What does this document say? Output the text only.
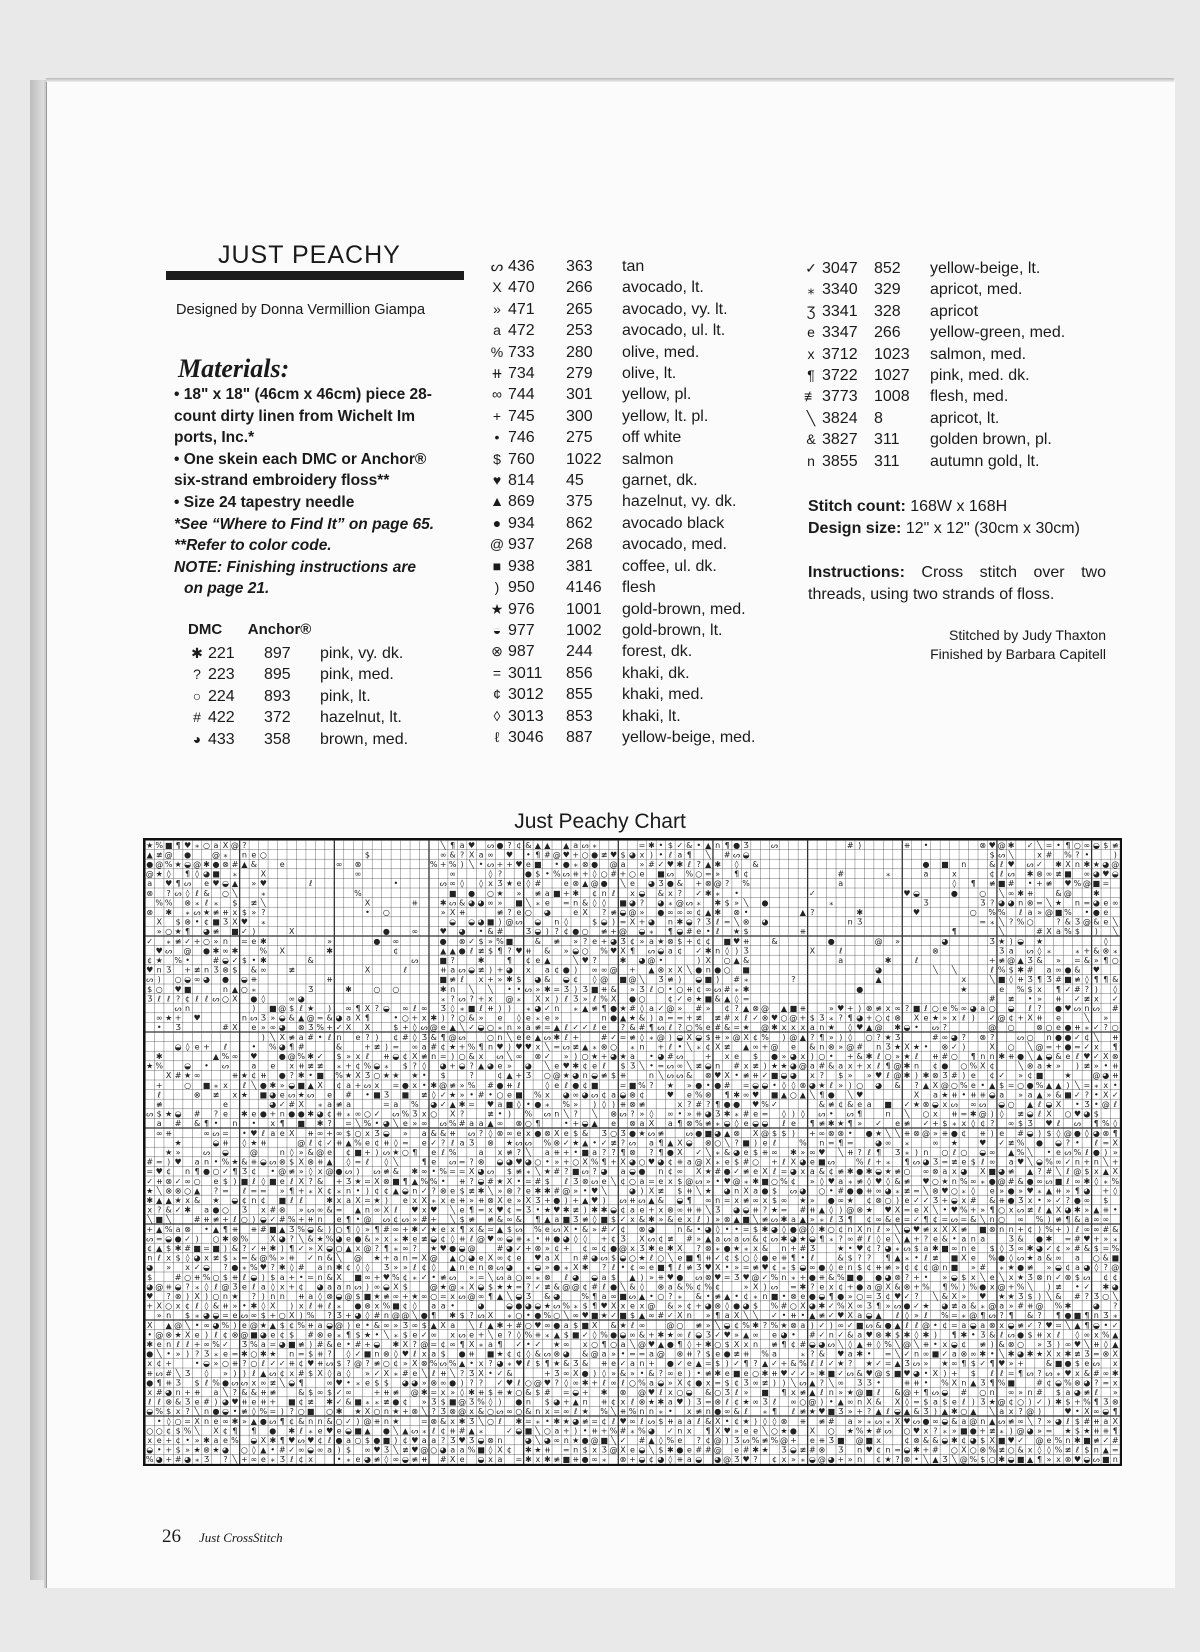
JUST PEACHY
Designed by Donna Vermillion Giampa
Materials:
• 18" x 18" (46cm x 46cm) piece 28-
count dirty linen from Wichelt Im
ports, Inc.*
• One skein each DMC or Anchor®
six-strand embroidery floss**
• Size 24 tapestry needle
*See “Where to Find It” on page 65.
**Refer to color code.
NOTE: Finishing instructions are
on page 21.
DMC Anchor®
✱ 221	897	pink, vy. dk.
? 223	895	pink, med.
○ 224	893	pink, lt.
# 422	372	hazelnut, lt.
◕ 433	358	brown, med.
ᔕ 436	363	tan
X 470	266	avocado, lt.
» 471	265	avocado, vy. lt.
a 472	253	avocado, ul. lt.
% 733	280	olive, med.
⧺ 734	279	olive, lt.
∞ 744	301	yellow, pl.
+ 745	300	yellow, lt. pl.
• 746	275	off white
$ 760	1022	salmon
♥ 814	45	garnet, dk.
▲ 869	375	hazelnut, vy. dk.
● 934	862	avocado black
@ 937	268	avocado, med.
■ 938	381	coffee, ul. dk.
) 950	4146	flesh
★ 976	1001	gold-brown, med.
◒ 977	1002	gold-brown, lt.
⊗ 987	244	forest, dk.
= 3011	856	khaki, dk.
¢ 3012	855	khaki, med.
◊ 3013	853	khaki, lt.
ℓ 3046	887	yellow-beige, med.
✓ 3047	852	yellow-beige, lt.
⁎ 3340	329	apricot, med.
Ʒ 3341	328	apricot
e 3347	266	yellow-green, med.
x 3712	1023	salmon, med.
¶ 3722	1027	pink, med. dk.
≢ 3773	1008	flesh, med.
╲ 3824	8	apricot, lt.
& 3827	311	golden brown, pl.
n 3855	311	autumn gold, lt.
Stitch count: 168W x 168H
Design size: 12" x 12" (30cm x 30cm)
Instructions: Cross stitch over two threads, using two strands of floss.
Stitched by Judy Thaxton
Finished by Barbara Capitell
Just Peachy Chart
★ % ■ ¶ ♥ ⁎ ○ a X @ ?	╲ ¶ a ♥ ᔕ ● ? ¢ & ▲ ▲ ▲ a ᔕ ⁎	= ✱ • $ ✓ & • ▲ n ¶ ● Ʒ	ᔕ	# )	⧺ •	⊗ ♥ @ ✱ ✓ ╲ = • ¶ ○ ∞ ◒ $ ≢
▲ ≢ @ ●	@ ⁎ n e ○	$	∞ & ? X a ∞ ♥ • ¶ # @ ♥ + ○ ● ≢ ♥ $ ◕ x ) • ℓ a ¶ ╲ # ᔕ ◒	$ ᔕ ╲	x # % ? •	)
● @ % ★ ◒ @ ✱ ● ⊗ # ▲ &	e	∞ ⊗	% + % ) ╲ • ᔕ + + ♥ e ■ • ● ⁎ ⊗ ● @ a » # ✓ ♥ ✱ ℓ ? ▲ ✱ ◊ &	● ■ n	& ℓ ♥ ᔕ ✓ ✱ X n ✱ ★ ◕ @
@ ★ ◊ ¶ ◊ ◕ ■ ⁎	X	∞	∞	◊ ?	● $ • % ᔕ ⧺ + ◊ ○ # + ○ e ■ ᔕ % ○ = » ¶ ¢	#	⁎	a	x	¢ ℓ ᔕ ✱ ⊗ ∞ ≢ ■ ∞ ◕ ♥ ◒
a ♥ ¶ ᔕ e ♥ ◒ ▲ » ♥	ℓ	•	ᔕ ∞ ◊ ◊ x Ʒ ★ e ◊ #	e ⊗ ▲ @ ● ╲ e ◕ Ʒ ● & + ⊗ @ ? %	a	◊ ¶ ≢ ■ # • + ≢ ♥ % @ ■ =
⊗ ? ᔕ ◊ ℓ & ○ ╲	⁎	%	■ ● ○ ★ » ≢ a ■ + ✱ ¢ n ℓ x ◒ & x ? ✓ ✱ ⁎ •	✓	♥ ◒	●	○ ╲ ∞ ✱ ⧺	& @	✱
% % ⊗ ⁎ ℓ ⁎ $ ≢ ╲	X	⧺	✱ ᔕ & ◕ ◕ ∞ » ■ ╲ ⁎ e = n & ◊ ◊ ■ ◕ ? ◕ ⁎ @ ᔕ ⁎ ✱ $ » ╲ ●	⁎	Ʒ	Ʒ ? ◕ ◕ n ⊗ = ╲ ★ n = ◕ e ∞
⊗ ✱ ⁎ ᔕ ★ ≢ ⧺ x $ » ?	• ○	» X ⧺	≢ ? e ○ ◕	e X ? ≢ ◒ @ » ● ∞ ∞ ∞ ¢ ▲ ✱ ⊗ •	▲ ?	✱	♥	○ % % ℓ a » @ ■ % • ● e
X $ ⊗ • ¢ ■ Ʒ X ♥ ⁎	◒ ◒ ◕ ■ ) @ ᔕ ◒ n ◊	$ ◒ ) = X + ◕ n ✱ ◒ ? Ʒ ℓ = ╲ ⊗ ◕	n Ʒ	= ⁎ ╲ ? % ○	? & Ʒ @ & e ╲
» ○ ★ ¶ ◕ ≢ ■ ✓ )	X	●	∞	♥ ◕ • & #	Ʒ ◒ ) ? ¢ ● ○ ≢ + @ ◒ ⁎ ¶ ◒ # e • ℓ ★ $	⧺	¶	╲	# X a % $ ) ╲
✓ ⁎ ≢ ✓ + ○ » n = e ✱	»	● ∞	● ⊗ ✓ $ » % ■	& ≢ » ? e + ◕ Ʒ ¢ » a ★ ⊗ $ + ¢ ¢ ■ ♥ ⧺	&	●	@ »	◕	Ʒ ★ ) ◒ ★	◊
♥ ᔕ @ ● ✱ ∞ ✱	% X	✱	¢	▲ ▲ ● ℓ ≢ $ ¶ ? ♥ ⧺ & » ◒ ○ % ♥ X ¶ ᔕ ◒ a ¢ ✓ ✱ n ◊ ) Ʒ	X	ℓ	⊗	Ʒ a ᔕ ◊ ⁎	⁎ + & ⊗ ⁎
¢ ★ % •	# ◒ ✓ $ • ✱	&	ᔕ	■ ?	✱	¶ ¢ e ▲	╲ ♥ ?	✱ ◕ @ •	) X ○ ▲ &	a	✱	ℓ	+ ≢ @ ▲ Ʒ & » = & » ¶ ○
♥ n Ʒ + ≢ n Ʒ ⊗ $ & ∞	≢	X	ℓ	⧺ a ᔕ ◒ ≢ ) + ◕ x a ¢ ● ) ∞ ∞ @ + ▲ ⊗ x X ╲ ● n ● ○ ■	◕	╲ ╲	ℓ % $ ✱ # a ∞ ● & ♥
ᔕ ) ○ ◒ ∞ ◕ ● ◒ ⧺	⧺	■ ≢ ℓ x + » ✱ $ ◕ & ◒ ¢ ◊ @ ■ @ ╲ Ʒ ≢ ) ◒ ■ ) # ⁎	?	▲	x	╲ ■ ◊ ⧺ Ʒ ¶ Ʒ # ■ ≢ ◊ ¶ ¶ &
$ ○ ♥ ■	n ▲ ○ ⁎	Ʒ	✱	○ ○	✱ n ╲ ╲ • • ᔕ » ✱ = Ʒ ) Ʒ ■ ⧺ & » Ʒ ℓ ○ • ○ ⧺ ¢ ∞ ᔕ # ⁎ ✱	●	★	e % $ x ¶ ✓ # ? ) ◊
Ʒ ℓ ℓ ? ¢ ℓ ℓ ᔕ ○ X ● ◊	∞ ◕	⁎ ? ᔕ ? + x @ ⁎ X x ) ℓ Ʒ » ℓ % X ● ○	¢ ✓ e ★ ■ & ▲ ◊ =	# ≢ • » ⧺ ✓ ≢ x ✓
ᔕ n	) ■ @ $ ℓ ★ ) ∞ ¶ X ? ◒ ∞ ℓ ∞ Ʒ ◊ ⁎ ■ ℓ ⧺ ) ) ⁎ ◕ ✓ n ⁎ ▲ ≢ ¶ ● ★ # ◊ a ✓ @ » # » ¢ ? ▲ ⊗ @ ▲ ■ ⧺	» ♥ + ) ⊗ ≢ x ∞ ? ■ ℓ ○ e % ∞ ◕ a ○ ◒ ℓ ? ● ♥ ᔕ n ᔕ #
∞ ★ + ♥	n ᔕ Ʒ » ◒ & ▲ @ = & ◕ a X ¶	• ○ + x ✱ ) ? ○ & » e ◊ e ⁎ e »	n ● ▲ ★ & ) a = = + ≢ ≢ # x ℓ ✓ ⊗ ♥ ○ @ + $ Ʒ ⁎ ? ¶ ◕ + ○ ¢ ⊗ X e ★ » x ℓ ) ✓ @ ¢ + X ⧺ e	╲ »
• Ʒ	# X e » ∞ ◕ ⊗ Ʒ % + ✓ X X	$ + ◊ ᔕ @ e ▲ ╲ ✓ ◒ ○ ⁎ n » a ≢ = ▲ ℓ ✓ ✓ ℓ e ? & # ¶ ᔕ ℓ ? ○ % e # & = ★ @ ✱ x x x a n ★ ◊ ♥ ▲ @ ✱ ◒ • ᔕ ?	@ ○	⊗ ○ e ● ⧺ ⁎ ✓ ? ○
) ╲ X ≢ a # • ℓ n e ? ) ¢ # ◊ Ʒ & ¶ @ ᔕ	○ n ╲ e e ▲ ᔕ ✱ ℓ +	# ✓ = ≢ ◊ ⁎ @ ) ◒ X ◒ $ ⧺ » @ X ¢ % ) @ ▲ ? ¶ » ) ◊ ○ ? ★ Ʒ	# ∞ ◕ ? ⊗ ?	ᔕ ○ n ● ● ✓ ¢ ╲ ⧺
◒ ◊ e + ℓ	• % ◕ ¶ #	&	+ ≢ ) = ∞ a # ¢ ★ + % ¶ n ♥ ) ♥ ♥ x ╲ = ᔕ ≢ ▲ ⁎ ⊗ ○ ⁎ n + ℓ • ╲ ⁎ ¢ X ≢ ▲ ∞ + @ e & n ⊗ » @ # n Ʒ ★ X ★ • ⊗ ✓ )	X ○ ╲ @ = + ● = ✓ x ¶
✱	▲ % ∞ ♥	● @ % ✱ ✓ $ » x ℓ ⧺ ◒ ¢ X ≢ n = ) ○ & x ᔕ ╲ ∞ ⊗ ✓ » ) ○ ★ + ◕ ★ a • ◕ # ᔕ	+ x e $ ● » ◕ x ) ○ • + & ✱ ℓ ○ » ★ ℓ ⧺ # ○ ¶ n n ✱ ⧺ ● ╲ ▲ ◒ & e ℓ ♥ ✓ X ⊗
★ %	◒ • ᔕ	a e x ⧺ ≢ ≢ ⁎ + ¢ % ◒ ⁎ $ ? ◊ ◕ + ◒ ? ▲ ◕ e » ◕ ╲ e ♥ ✱ ¢ e ℓ $ Ʒ ╲ • = ᔕ ∞ ╲ ≢ ◒ n # x ≢ ) ★ ★ ◕ @ a # & a x + x ℓ ¶ @ ✱ n ¢ ● ○ % X ¢	╲ ⊗ a ★ » ) ≢ » • ⧺
X # ★ ∞	⧺ ★ ¢ ⧺ ● ? ✱ • ■ % ★ X Ʒ ○ ★ ★ ★ • $	?	¢ ▲ + Ʒ ○ @ ★ ◕ n ◒ ≢ $ ⧺	n ╲ ᔕ ᔕ & ⊗ ♥ X • ≢ ⧺ ✓ ■ ◒ ◕ x ? $ » » ♥ ℓ @ ✱ ) ✱ ⊗ Ʒ # ) e ¢ ✓ » ¢ ■	★	@ ◕ ⧺
+	○ ■ ⁎ x ℓ ╲ ● ✱ » ◒ ■ ▲ X ¢ a + ᔕ x = ● x • ✱ @ ≢ » % # ● ⧺ ℓ	◊ e ℓ ● ¢ ■	= ■ % ? ★ » ● • ● # = ◒ ◒ • ◊ ◊ ⊗ ◕ ★ ℓ » ) ○ ◕ & ? ▲ X @ ○ % e • ▲ $ = ○ ● % ▲ ▲ ) ╲ = ⁎ x •
ℓ	⊗ ≢ x ★ ■ ◕ e ᔕ ★ ᔕ e # • ■ Ʒ ■ ≢ ◊ ✓ ★ » • # • ○ e ■ % x ◕ ∞ ◕ ᔕ ¢ a ◒ ⊗ ¢	♥ e % ⊗ ¶ ✱ ∞ ♥ ■ ▲ ○ ▲ ╲ ¶ ● ╲ ♥	X a ★ ⧺ • ⧺ ⧺ ◒ a » a ▲ » & ■ ✓ ? • X ✓
≢	e	◕ ✓ # X ⁎ a ≢ a	= a % ◕ ✓ ▲ ✱ = ♥ a ■ ◊ • ● ⁎ % » ) ◊ ) ⧺ ⊗ ≢	x ? # ? ¶ ● ● ♥ % ✓	& ≢ ¢ & e a ■ ✓ ★ ⊗ ◒ x ᔕ ∞ ᔕ ◒ ○ ▲ ℓ ◒ X • Ʒ • @ ℓ
ᔕ $ ★ ◒ # ? e ✱ e ● + n ● ● ✱ ◕ ¢ ⧺ ⁎ ∞ ○ ✓ ᔕ % Ʒ x ○ X ?	≢ • ) % ᔕ n ╲ ? ╲ ⊗ ᔕ ? » ◊ ∞ • » ⧺ ◕ Ʒ ✱ ⁎ # e = ◊ ) ◊ ᔕ • ᔕ ¶	n ╲ ○ x ⧺ = ✱ @ ) ◊ ≢ ◒ ℓ X ○ ♥ ◕ $
a # & ¶ • n • x ¶ ■ ✱ ? = ╲ % • ◕ ╲ e » ∞ ᔕ % # a a ▲ ∞ ⊗ ○ ¶	• + ◒ ▲ e ⊗ a X a ¶ ⊗ % ≢ ⁎ ◒ ◊ e ◒ ◒ ℓ e ¶ ≢ ✱ ★ ¶ » ✓ e ≢ ✓ + $ ⁎ x ◊ ¢ ? ∞ $ Ʒ ♥ ℓ ᔕ ¶ % ◊
∞ ⧺	∞ ᔕ = • ♥ ℓ a e X ⧺ ∞ + ∞ $ ○ x Ʒ ◒ » a & & ⧺ ᔕ ? ◊ ⊗ ∞ e x ● ⊗ X e $ & Ʒ ○ Ʒ ● ★ ᔕ ≢	ᔕ ● ■ ◕ ▲ ⊗ X @ $ $ ) + ∞ ⊗ ⊗ • ● ★ ╲ ╲ ⧺ ⊗ @ » ⧺ ● ¢ ⧺ ) e # ◒ ) $ ◊ @ ● ◊ ◕ ⊗ ¶
★	◒ ⧺ ◊ ★ ⧺	@ ℓ ¢ ✓ ⧺ ▲ % e ¢ ⧺ ◊ = e ✓ ? ℓ a Ʒ ⊗ ★ ᔕ ᔕ % ⊗ ✓ ★ ▲ • ✓ ≢ ? ᔕ a ¶ ▲ X ◒ ⊗ ○ ╲ ? ■ ) e ℓ	% n = ¶ =	◕ ∞ ⁎	∞ ★	♥ ✓ ≢ % ● ◒ ? • ℓ = X
★ »	ᔕ ◒	@	n ◊ » & @ e ¢ ■ + ) ᔕ ★ ○ ¶ e ℓ %	a x ≢ ? ╲ a ⧺ + • ■ a ? ? ¶ ⊗ ? ¶ ● X ✓ ╲ ⁎ & ◕ e $ ⧺ ∞ ✱ » ∞ ♥ ╲ ⧺ ? ℓ ¶ Ʒ ⁎ ) n ○ ℓ ○ ◒ ∞ ▲ % ╲ • e ᔕ % ℓ ● ) »
# = ) ♥ a n • % ★ & ⧺ ◒ ᔕ ⊗ $ X ⊗ ⧺ ▲ ◊ = ℓ ◊ ╲	¶ e ᔕ = ? ⊗ ◒ ◕ ♥ ◕ ○ • » + ○ X % ¶ + X ◕ ○ ♥ ◕ ¢ ⧺ a @ X ⁎ e $ # ○ + ℓ X ◕ e ■ ᔕ	% ℓ + ⁎ ¶ ᔕ ◕ Ʒ = ≢ e $ ℓ ∞ a ♥ ╲ ◒ % ∞ ✓ n + n ╲ +
= ♥ ¢ n ¶ ● ○ ✓ ¶ Ʒ ¢ • @ ≢ » ◊ x @ ● ᔕ ) ᔕ ≢ & ✱ ∞ • % = = X ◕ ᔕ $ ≢ ⁎ ╲ ★ # ? ■ ᔕ ? ◕ a ◒ ● n ¢ ∞ X ★ # ● ✓ ≢ e X ℓ = ◕ x a & ¢ ≢ ✱ ● ✱ ◒ ★ ≢ ○ ∞ ⊗ a x ◕ X ■ ◕ ≢ ▲ ? # ╲ ℓ @ $ x ▲ X
✓ ⧺ ⊗ ✓ ∞ ○ e $ ) ■ ℓ ◊ ■ e ℓ X ? & + Ʒ ★ = X ⊗ ■ ¶ ▲ % % • ⧺ ? ◒ # ★ X • = # $ ℓ Ʒ ⊗ ᔕ e ╲ ¢ ○ a = e x $ @ ᔕ » • ♥ @ ⁎ ✱ ■ ○ % ¢ » ◊ ♥ a ⁎ ≢ ◊ ♥ ◊ & ≢ ♥ ○ ★ n % ∞ ⁎ ● @ # & ● ∞ ᔕ ■ ℓ ∞ ✱ ◊ ⁎ %
★ ╲ ⊗ ⊗ ○ ▲ ? = ℓ = = » ¶ + ⁎ X ¢ ⁎ n • ) ¢ ¢ ▲ ◒ n ✓ ? ⊗ e $ ≢ ✱ ╲ » ⊗ ? e ✱ ✱ # @ » • ♥ ╲	◕ ) X ≢ $ ⧺ ╲ ★ ◕ n X a ● $ ᔕ ◕ ○ • # ● ● ⧺ ∞ ◕ ⁎ ≢ = ╲ ⊗ ♥ ○ ⁎ ◊ e » ● » ♥ ⁎ ▲ ⧺ » ¶ ◕ + ◊
✱ ▲ ▲ ★ x & ★ ◒ ¢ n ¢ ■ ℓ ℓ	✱ x a X = ★ ) e x X ⁎ x e ⧺ » ⧺ ⊗ X e » X Ʒ + ● ) + ▲ ♥ ) ᔕ ⧺ ᔕ ▲ & ◒ ¶ ∞ n = x ≢ ∞ x $ ∞ ★ » ● ∞ ★ ¢ ⊗ ○ ) e ✓ ✓ Ʒ + ◒ x # & ⧺ ● Ʒ x • » ✓ ? ● ∞ $
x ? & ✓ ✱ a ● ○ Ʒ x # ⊗ » ᔕ ∞ & = ▲ n ∞ X ℓ ♥ x ♥ ╲ e ¶ = x ♥ ¢ = Ʒ • ★ ♥ ✱ ≢ ) ✱ ✱ ◒ ¢ a e + x ⊗ ∞ ⧺ ⧺ ╲ Ʒ ◕ ◒ ⧺ ? ★ = # ⧺ ▲ ◊ ) @ ⊗ ★ ♥ X = e X ╲ • ♥ % + » ¶ ○ x ᔕ ≢ ℓ ▲ X ◕ ✱ » ▲ ⧺ •
╲ ■ ╲	# ⧺ ≢ + ℓ ○ ) ◒ ✓ # % + ⧺ n e ¶ • @ ᔕ ¢ ᔕ » # + ╲ $ ≢ ≢ & ∞ & ¶ ▲ a ■ Ʒ ≢ ◊ ■ $ ✓ x & ✱ » & e x ℓ ) » ⊗ ▲ ■ ╲ ≢ ᔕ ✱ a ▲ » ⁎ ℓ Ʒ ¶ ¢ ∞ & e = ✓ ¶ ¢ = ᔕ = & ╲ n ○ ∞ % ) ≢ ¶ & a ∞ ∞
+ ▲ % a ⊗ • ▲ ¶ ⧺ ⧺ # ■ ▲ Ʒ % ◒ & ) ○ ¶ ◊ » ¶ # ∞ + ✱ ✓ ★ e x ¶ x & = ▲ $ ᔕ % e ᔕ X • & » # ✓ ¢ ⊗ ◕	n & • ◕ ◊ • • = $ ✱ ◕ ◊ ● @ ◊ ✱ ○ ¢ n X n ℓ » ╲ ◒ ♥ ≢ x X X ≢ ■ ⊗ n n + ¢ ) % + ) ℓ ∞ ∞ # &
ᔕ = ◒ ● ✓ ) ○ ✱ ⊗ %	X ◕ ? ╲ & ★ % ◕ e ● & » x ⁎ ✱ e ≢ ◒ ¢ ◊ ⧺ ℓ @ ♥ ∞ ◒ ⧺ ⁎ • ⧺ ● ◕ ◊ ◊ + ¢ Ʒ X ᔕ ¢ ≢ # » ▲ a ᔕ a ᔕ & ¢ ᔕ ✱ ◕ ★ ◒ ¶ ⁎ ? ∞ # ℓ ◊ e ╲ ▲ + ? e & • a n a	Ʒ & ● ✱ = # ♥ + » ⁎
¢ ▲ $ ✱ # ■ = ■ ) & ? ✓ ⧺ ✱ ) ¶ ✓ » X ◒ ○ ▲ x @ ? ¶ ⁎ ∞ ? ★ ♥ ● ◒ @	# ◕ ✓ + ⊗ » ¢ + ¢ ∞ ¢ ● @ x Ʒ ✱ e ✱ X ? ⊗ ⁎ ● ★ ⁎ x & n + # Ʒ	★ • ♥ ¢ ? ◕ ⁎ ᔕ $ a ✱ ■ ∞ n e $ ◊ Ʒ ∞ ✱ ◕ ✓ ¢ » # & $ = %
n ℓ x $ ◊ ◕ x ≢ $ ⁎ = & @ % » ⧺ ✓ n & ╲ @ ★ + a n = X @ ▲ ○ ◕ e X ∞ ¢ e ♥ a X n # ◕ ᔕ $ ◒ ○ ★ ℓ ○ ╲ e ■ ¶ ⧺ ✓ ¢ $ ○ ◊ ● e ⧺ ¶ • ℓ	& $ ? ? ¶ ▲ ⁎ • ℓ ≢ ■ X e % ● ◊ ᔕ ★ a & ∞ a ○ & ■
◕ » x ✓ ◒ ? ● ⁎ % ♥ ? ✱ ◊ # a n ✱ ¢ ◊ ◊ Ʒ » » ℓ ¢ ◊ ▲ n e n ⊗ ᔕ ◕ ⁎ ◒ » ● ⁎ X ✱ ? ℓ • ¢ ∞ e ■ ¶ ℓ ≢ Ʒ ♥ X • » = ≢ ♥ ¢ ⁎ $ ◒ ∞ ● ◊ e n $ ¢ ⧺ ≢ » ¢ ¢ ¢ @ n ■ » # ⁎ ★ ● ≢ » ◒ ¢ a ◕ ◊ ? @
$	# ○ ⧺ % ○ $ ⧺ ℓ ◒ ) $ a + • = n & X ■ ∞ + ♥ % ¢ ⁎ ✓ • ≢ ᔕ » = ╲ ᔕ a ○ ∞ ⁎ ⊗ ℓ ◕ ◒ a $ ▲ ) » ⧺ ♥ ● ᔕ ⊗ ♥ = Ʒ ♥ @ ✓ % n ⁎ + ● ⧺ & % ■ ● ● ◕ ⊗ ? + • » ◒ $ x ╲ e ╲ x ★ Ʒ ⊗ n ✓ ⊗ $ ᔕ ¢ ¢
◕ @ ⧺ ◒ ? ⁎ ◊ ℓ @ Ʒ e ℓ a ◊ x + ¢ ◕ a a n ᔕ ) ∞ ◒ X $	@ ★ @ ⁎ X ◒ $ ★ ★ = ? ✓ ≢ & @ @ ¢ # ℓ ● ╲ & ◊ ⊗ a & % ¢ % ¢	» X ) ᔕ = ✱ ? e x ¢ + ● a @ X & ⊗ + % ¶ % ) % ● x @ + % ╲ ) ≢ • ✓ ✱ ◕
♥ ? ⊗ ) X ) ○ n ★ ? ) n n ⧺ a ◊ ⊗ ◒ @ $ ■ ★ ≢ ∞ + ★ ∞ ○ = x ᔕ @ ∞ ¶ ▲ ╲ ◒ Ʒ & ◕	% ¶ a ∞ ■ ᔕ ▲ • ○ ? ⁎ & • ≢ ▲ • ¢ ⁎ n ■ • ⊗ e ● ◒ ¶ ● » ○ = Ʒ ¢ ♥ ✓ ? ╲ & X » ♥ ★ ★ Ʒ $ ) ╲ & # ? Ʒ ○ ╲
+ X ○ x ¢ ℓ ◊ & ⧺ » • ✱ ◊ X ) x ℓ ⧺ ℓ ⁎ ● ⊗ x % ■ ¢ ◊ a a •	◕	◒ ● ◕ ◒ ★ ᔕ % ⁎ $ ¶ ♥ X x e x @ & » ¢ + ◕ ⊗ ◊ ● ◕ $ % # ○ X ◕ ✱ ✓ % X ∞ Ʒ ¶ » ᔕ ● ✓ ★ ◕ ≢ a & ⁎ @ a » # ⧺ @ % ✱	◕ ?
» n $ ⁎ ◕ ◒ = e ᔕ ∞ $ + ○ X ) % ? Ʒ + ◕ ◊ # n @ @ ╲ ● ¶ ✱ $ ? ᔕ X ⁎ ○ • ● % ○ ╲ ∞ ♥ ■ ★ ✓ ■ $ ▲ ∞ # ✓ X n » ¶ a X ╲ ╲ ✓ • ⧺ • ▲ ≢ ✓ ♥ X a ◒ ▲ ℓ ◊ » ℓ % = ⁎ @ ¶ ᔕ ? ¶ & ? ¶ ● ■ ¶ n Ʒ ⁎
X ▲ @ ╲ • ∞ ◕ % ) e @ ★ ▲ $ ¢ % ⧺ a ◒ @ ) e • & ∞ » Ʒ ∞ $ ▲ X a ╲ ℓ ▲ ✱ + # ○ ♥ ∞ ● a $ ■ X & ★ ℓ ∞	@ ○ ≢ » ╲ ◒ ¢ % ✱ ? % ★ ⊗ a ) ✓ ) ∞ ✓ ■ ᔕ & ● ▲ ℓ ℓ @ • ¢ = a ◒ a ⊗ x ◒ ≢ ✓ ? ♥ = ╲ ▲ ¶ ◒ • ✓
• @ ⊗ ★ X e ) ℓ ¢ ⊗ @ ■ ◕ e ¢ $ # ⊗ e ⁎ ¶ $ ★ • ╲ ⁎ $ e ✓ ∞ x ᔕ e + ╲ e ? ◊ % ⧺ ⁎ ▲ $ ■ ✓ ◊ % ● ◒ ∞ & + ✱ ★ ∞ ℓ ◒ Ʒ ✓ ♥ » ▲ ∞ e ◕ • # ✓ n ✓ & a ♥ ⊗ ✱ $ ✱ ◊ ✱ ) ¶ ✱ • Ʒ & ℓ ᔕ ● $ ⧺ x ℓ ◊ ∞ x % ▲
✱ e n ℓ ℓ + ∞ % ✓ Ʒ % a = ◕ ■ ≢ ) # & e • # + ◒ ✱ X ? @ = ¢ ∞ ¶ X ⁎ a ¶ ✓ • ✓ ★ ∞ x ○ ¶ ○ a ╲ @ ♥ ▲ ● ¶ ◊ + ✱ ○ $ X x n ≢ ¶ ¢ # ◒ ◕ ᔕ ╲ ◊ ▲ ⧺ ◊ % ╲ @ ╲ ⧺ • x ◒ ¢ ≢ ) & ⊗ ○ » Ʒ ) ∞ ♥ ╲ ⧺ ◊ ▲
● ╲ • » ) ? Ʒ ⁎ e = ✱ ○ ✱ ★ n = $ ⧺ ? ◊ ✓ ■ n ⊗ ◊ ♥ ℓ x a $ ● ⧺ ■ ★ ¢ ¢ ◊ & ᔕ ⊗ ◕ & @ a » • = = a @ ⊗ ⧺ ? $ e ● ≢ ⧺ % a	⁎ ? & ♥ a ✱ • = ╲ ✓ n ∞ ■ ✓ a ⊗ ∞ ✱ • ╲ ✱ ◕ ✱ ★ X x ✱ ≢ Ʒ = ⊗ X
x ¢ +	• ◒ » ○ ⧺ ? ○ ℓ ✓ ✓ ⧺ ¢ ♥ ⧺ ᔕ $ ? @ ? ≢ ○ ¢ » X ⊗ % ᔕ % ▲ • x ? ◕ ⁎ ♥ ℓ $ ¶ ★ & Ʒ & ⧺ e ✓ a n + ● ✓ e ▲ = $ ) ✓ ¶ ? ▲ ✓ + & % ℓ ℓ ✓ ★ ? ★ ✓ = ▲ Ʒ ᔕ » ★ ∞ ¶ $ ✓ ¶ ♥ » +	& ■ ● $ e ᔕ x
⧺ ᔕ # ╲ Ʒ ◊ » ) ) ℓ ▲ ᔕ ¢ x # $ X ◊ a ◊ » ✓ X ⁎ # e ╲ ℓ ⧺ ╲ ? Ʒ X • ✓ &	+ Ʒ ∞ X ● ) ◊ » & » • & ? ∞ e ) • ≢ ✱ e ■ e ○ ✱ ⧺ ♥ ✓ ✓ » ✱ ■ ✓ ᔕ & ♥ @ $ ■ ♥ ◕ • X ) + $ ℓ ℓ = ¶ ᔕ ? ᔕ ⁎ ♥ x & # ∞ ✱
● ¶ ⧺ Ʒ $ ℓ % ● ᔕ ᔕ x ∞ ≢ ╲ ◒ ¶	∞ ♥ • ⁎ e $ $ ◕ ◕ » ⊗ ∞ ● ) ? ? ✓ ♥ ℓ ○ @ ♥ ? ◊ ∞ ✱ + ℓ ∞ ℓ ○ % a ◒ » X ¢ ● x = $ ¢ Ʒ ∞ ≢ ) ) ╲ ᔕ ▲ ? ╲ ∞ Ʒ Ʒ •	⧺ ⧺ • % X n ▲ Ʒ ¶ % ■	# ¢ ◒ % ⊗ ◕ ? = x
x # ◕ n + ⧺ a ╲ ? & & ⧺ ≢	& $ ∞ $ ✓ ∞	+ ⧺ ≢ @ ✱ = x » ◊ ✱ ⧺ $ ⧺ ★ ○ & $ # = ◒ + ✱ ⊗ @ ♥ ℓ x ○ ◒ & ○ Ʒ ℓ » ■ ¶ x ≢ ▲ ℓ n » ★ @ ■ ℓ & @ + ¶ ᔕ ◒ # ○ n ∞ » n # $ a ◕ ≢ ℓ »
ℓ ℓ ⊗ & Ʒ e # ) ◕ ♥ ⧺ e ⧺ + ■ ¢ ≢ ✱ ✓ & ■ ⁎ ⁎ ≢ ● ¢ » Ʒ $ ■ @ Ʒ % ◊ ) ● n $ ◕ + ▲ n ⧺ ¢ x ℓ ⊗ ★ ✱ a ♥ ) Ʒ = ⊗ ℓ ¢ ★ ∞ Ʒ ℓ ∞ ○ @ ) • ▲ ∞ n X & X ◊ = $ a $ e ℓ ) Ʒ ★ @ ¢ ○ ) ✓ ) ✱ $ + % ¶ Ʒ ⊗
◒ % $ x ? ╲ n ● ◒ • ≢ ◊ % = ) ? ○ ■ ○ ✱ ★ X ○ n ★ + ⊗ ╲ ? Ʒ ⊗ @ x & ○ ᔕ ∞ ○ & n x = ∞ ℓ ★ % ╲ ⧺ % n n ⁎ • x ≢ n ● ∞ & ℓ ⁎ ¶ ℓ ≢ ★ ♥ ■ Ʒ » + ? ▲ ℓ ◒ ▲ & Ʒ ) ▲ ✱ ○ ▲ ╲ a x ? @ )	♥ • X ∞ ◒ ¶
• ◊ ○ = X n e ∞ ✱ » ▲ ● ᔕ ¶ ¢ & n n & ○ ✓ ) @ ⧺ n ★	= ⊗ & x ✱ Ʒ ╲ ○ ℓ ✱ = ⁎ • ✱ ★ ◕ ≢ = ¢ ℓ ♥ ∞ ℓ ᔕ $ ⧺ a a ℓ & X • ¢ ★ ) ◊ ◊ ⊗ ⧺ ≢ # a » ⁎ ᔕ ⁎ X ♥ ᔕ ● ∞ ◒ & a @ n ▲ ᔕ ≢ ∞ ╲ ? » ◕ ℓ $ # ⧺ a X
○ ○ ¢ $ % ╲ X ¢ ¶ ¶ ● ✱ ℓ ⁎ e ♥ e ◒ ■ ▲ ● ╲ ▲ ᔕ ⁎ ℓ ¢ ⧺ # ▲ ⁎	✓ ◒ ■ ╲ ○ a + ) • ⧺ + % # ⁎ % ◕ ✓ n x ¶ X ♥ » e e ╲ ○ ★ ● X ○ ★ % ★ # ᔕ ○ ♥ x ? ⁎ » ■ ● + ≢ ⁎ ) @ ◕ » = ★ $ ★ ⧺ ⧺ ¶
x e + ¢ • » ✱ a e % ◒ X ✱ ¶ ♥ ᔕ ♥ ¢ ℓ ● a ○ $ ● ■ ) ¢ ♥ a a ? Ʒ ♥ Ʒ ◒ ⊗ n	◕ ╲ ◕ ∞ n ★ ● @ ■ ╲ ✓ # ▲ ◊ % e ? ¢ @ ) Ʒ ᔕ % ≢ % @ + e ⧺ Ʒ ■ @ ■ x	¢ ⊗ & & ◒ ✱ ¢ ◕ $ X ■ ♥ ✓ @ e % n ✱ ■ ≢ ✓ #
◒ • + $ » ★ ⊗ ★ ◕ ○ ◊ ▲ • # ✓ ∞ ◒ ∞ a ) $ ∞ ♥ Ʒ ╲ ≢ ♥ @ ○ ◕ a a % ■ ◊ X ¢ ✱ ★ ⧺ = n $ x Ʒ @ X e ◒ ╲ $ ✱ ● e # # @ e # ✱ ★ Ʒ ◒ ≢ # ⊗ Ʒ n ♥ ¢ n = ◒ ✱ + # ○ X ○ ⊗ % ≢ ○ & x ◊ ◊ % ≢ ℓ $ n ▲ =
% ◕ + # ◕ ⁎ Ʒ ? ╲ + ∞ e ⁎ Ʒ ℓ ¢ x	• ⁎ e ◕ ≢ ◊ ∞ ◒ ≢ ⧺ # X e ◒ x a = ✱ x ✱ ≢ ■ ⧺ ● ∞ ⁎ ⊗ + ◒ ¢ ◕ ◊ ⧺ a ◒ ◕ @ Ʒ ♥ ? ¢ x » ⁎ ◒ @ ◕ + » n ¢ ★ ? ⊗ • ╲ ▲ Ʒ ╲ @ % $ ○ ✱ ◒ ■ ▲ ¶ » x ⊗ ♥ ◒ ᔕ ■ n
26 Just CrossStitch
